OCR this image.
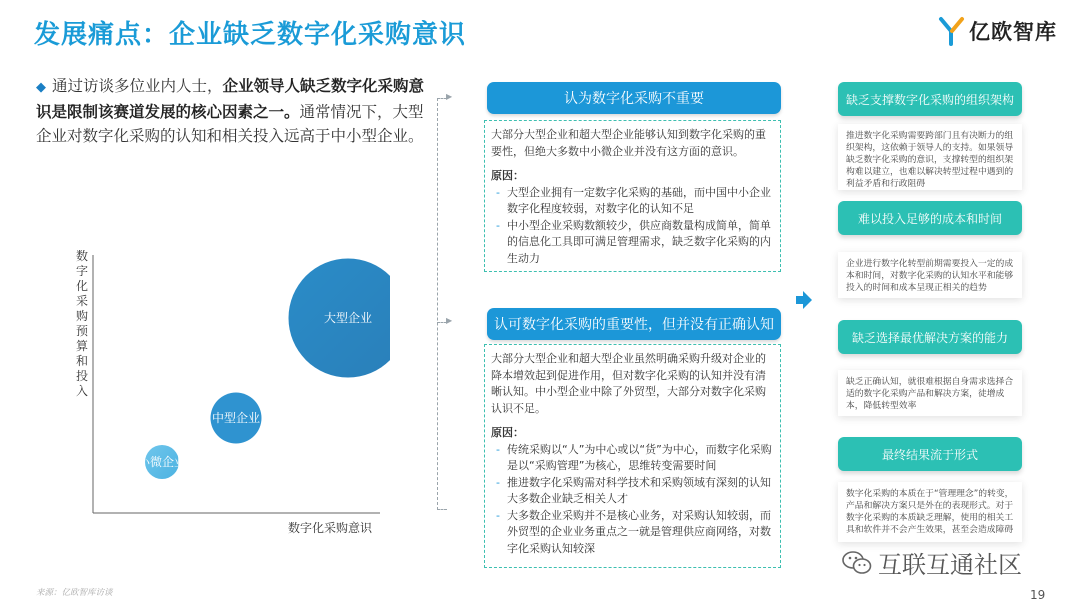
发展痛点：企业缺乏数字化采购意识	亿欧智库
◆ 通过访谈多位业内人士，企业领导人缺乏数字化采购意识是限制该赛道发展的核心因素之一。通常情况下，大型企业对数字化采购的认知和相关投入远高于中小型企业。
小微企业
中型企业
大型企业
数字化采购预算和投入
数字化采购意识
▶
▶
认为数字化采购不重要
大部分大型企业和超大型企业能够认知到数字化采购的重要性，但绝大多数中小微企业并没有这方面的意识。
原因：
- 大型企业拥有一定数字化采购的基础，而中国中小企业数字化程度较弱，对数字化的认知不足
- 中小型企业采购数额较少，供应商数量构成简单，简单的信息化工具即可满足管理需求，缺乏数字化采购的内生动力
认可数字化采购的重要性，但并没有正确认知
大部分大型企业和超大型企业虽然明确采购升级对企业的降本增效起到促进作用，但对数字化采购的认知并没有清晰认知。中小型企业中除了外贸型，大部分对数字化采购认识不足。
原因：
- 传统采购以“人”为中心或以“货”为中心，而数字化采购是以“采购管理”为核心，思维转变需要时间
- 推进数字化采购需对科学技术和采购领域有深刻的认知大多数企业缺乏相关人才
- 大多数企业采购并不是核心业务，对采购认知较弱，而外贸型的企业业务重点之一就是管理供应商网络，对数字化采购认知较深
缺乏支撑数字化采购的组织架构
推进数字化采购需要跨部门且有决断力的组织架构，这依赖于领导人的支持。如果领导缺乏数字化采购的意识，支撑转型的组织架构难以建立，也难以解决转型过程中遇到的利益矛盾和行政阻碍
难以投入足够的成本和时间
企业进行数字化转型前期需要投入一定的成本和时间，对数字化采购的认知水平和能够投入的时间和成本呈现正相关的趋势
缺乏选择最优解决方案的能力
缺乏正确认知，就很难根据自身需求选择合适的数字化采购产品和解决方案，徒增成本，降低转型效率
最终结果流于形式
数字化采购的本质在于“管理理念”的转变，产品和解决方案只是外在的表现形式。对于数字化采购的本质缺乏理解，使用的相关工具和软件并不会产生效果，甚至会造成障碍
互联互通社区
来源：亿欧智库访谈	19
